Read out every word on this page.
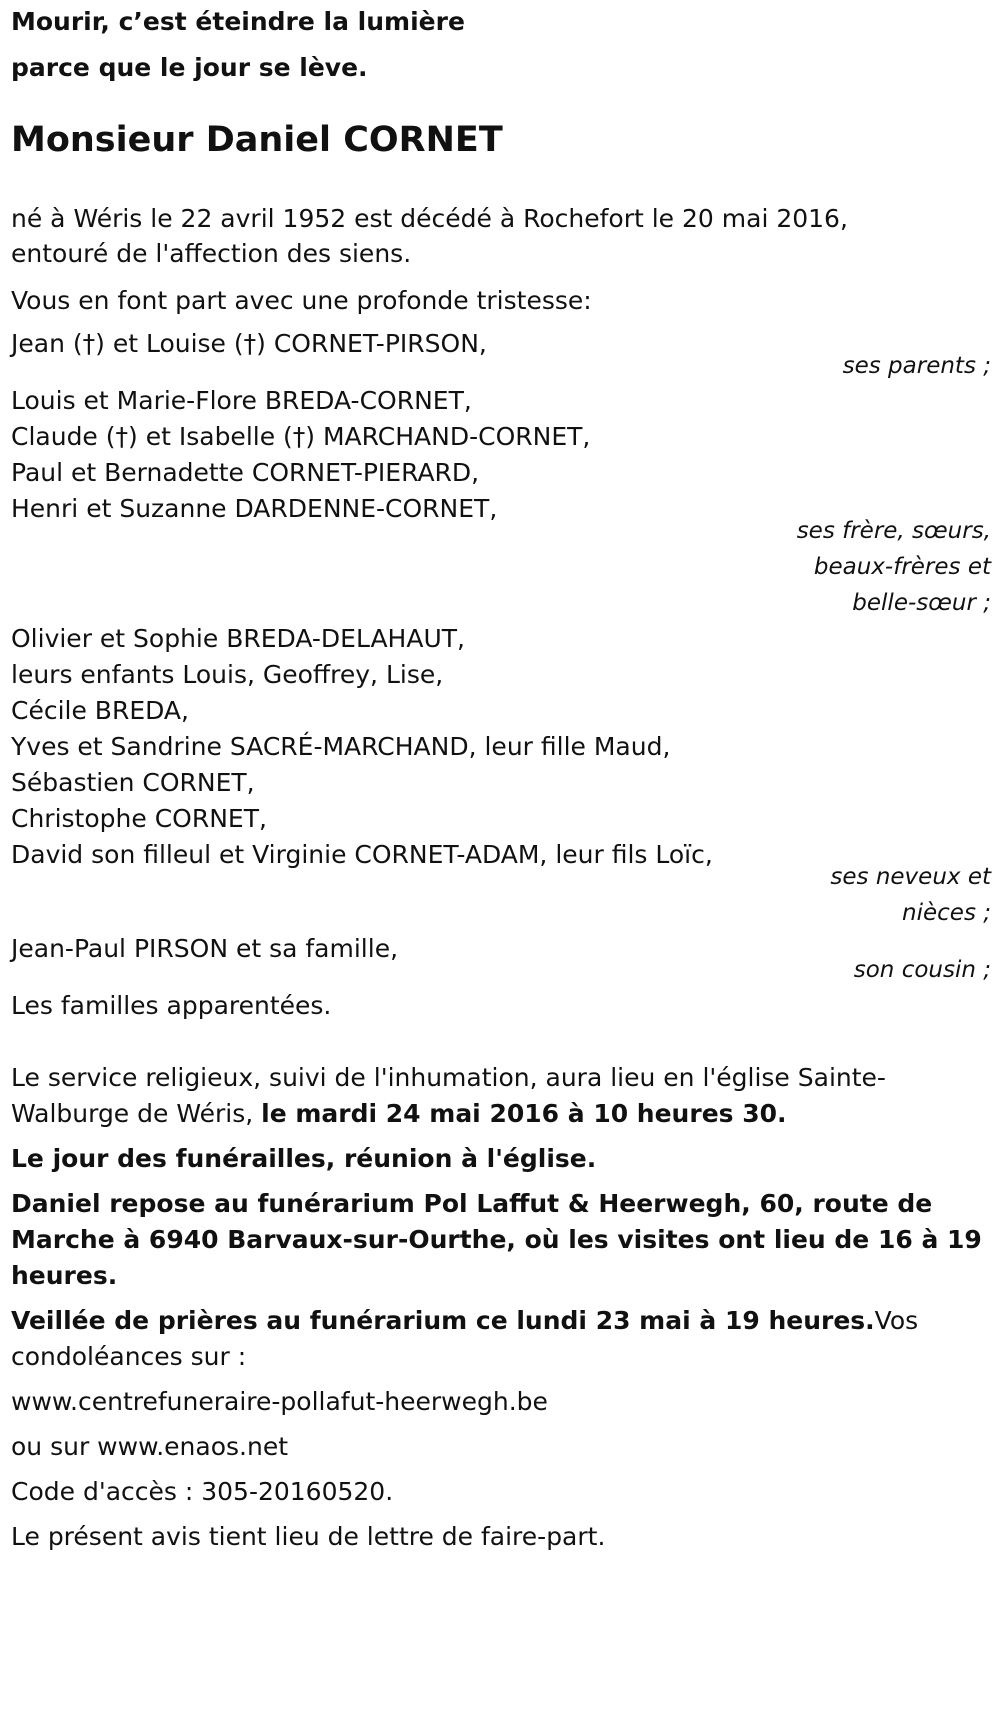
Mourir, c’est éteindre la lumière
parce que le jour se lève.
Monsieur Daniel CORNET
né à Wéris le 22 avril 1952 est décédé à Rochefort le 20 mai 2016,
entouré de l'affection des siens.
Vous en font part avec une profonde tristesse:
Jean (†) et Louise (†) CORNET-PIRSON,
ses parents ;
Louis et Marie-Flore BREDA-CORNET,
Claude (†) et Isabelle (†) MARCHAND-CORNET,
Paul et Bernadette CORNET-PIERARD,
Henri et Suzanne DARDENNE-CORNET,
ses frère, sœurs,
beaux-frères et
belle-sœur ;
Olivier et Sophie BREDA-DELAHAUT,
leurs enfants Louis, Geoffrey, Lise,
Cécile BREDA,
Yves et Sandrine SACRÉ-MARCHAND, leur fille Maud,
Sébastien CORNET,
Christophe CORNET,
David son filleul et Virginie CORNET-ADAM, leur fils Loïc,
ses neveux et
nièces ;
Jean-Paul PIRSON et sa famille,
son cousin ;
Les familles apparentées.
Le service religieux, suivi de l'inhumation, aura lieu en l'église Sainte-
Walburge de Wéris, le mardi 24 mai 2016 à 10 heures 30.
Le jour des funérailles, réunion à l'église.
Daniel repose au funérarium Pol Laffut & Heerwegh, 60, route de
Marche à 6940 Barvaux-sur-Ourthe, où les visites ont lieu de 16 à 19
heures.
Veillée de prières au funérarium ce lundi 23 mai à 19 heures.Vos
condoléances sur :
www.centrefuneraire-pollafut-heerwegh.be
ou sur www.enaos.net
Code d'accès : 305-20160520.
Le présent avis tient lieu de lettre de faire-part.
